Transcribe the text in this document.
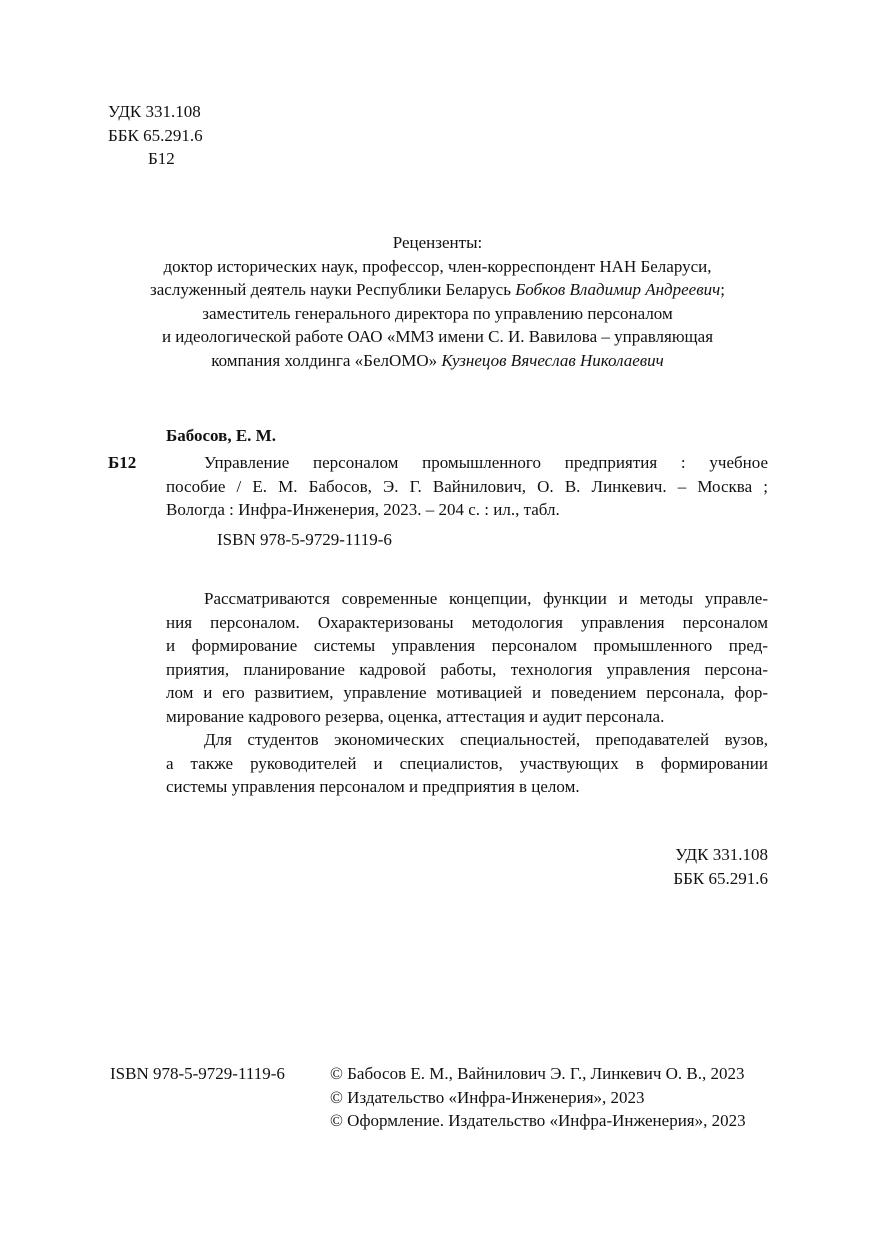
УДК 331.108
ББК 65.291.6
Б12
Рецензенты:
доктор исторических наук, профессор, член-корреспондент НАН Беларуси,
заслуженный деятель науки Республики Беларусь Бобков Владимир Андреевич;
заместитель генерального директора по управлению персоналом
и идеологической работе ОАО «ММЗ имени С. И. Вавилова – управляющая
компания холдинга «БелОМО» Кузнецов Вячеслав Николаевич
Бабосов, Е. М.
Б12	Управление персоналом промышленного предприятия : учебное
пособие / Е. М. Бабосов, Э. Г. Вайнилович, О. В. Линкевич. – Москва ;
Вологда : Инфра-Инженерия, 2023. – 204 с. : ил., табл.
ISBN 978-5-9729-1119-6
Рассматриваются современные концепции, функции и методы управле-
ния персоналом. Охарактеризованы методология управления персоналом
и формирование системы управления персоналом промышленного пред-
приятия, планирование кадровой работы, технология управления персона-
лом и его развитием, управление мотивацией и поведением персонала, фор-
мирование кадрового резерва, оценка, аттестация и аудит персонала.
Для студентов экономических специальностей, преподавателей вузов,
а также руководителей и специалистов, участвующих в формировании
системы управления персоналом и предприятия в целом.
УДК 331.108
ББК 65.291.6
ISBN 978-5-9729-1119-6	© Бабосов Е. М., Вайнилович Э. Г., Линкевич О. В., 2023
© Издательство «Инфра-Инженерия», 2023
© Оформление. Издательство «Инфра-Инженерия», 2023
